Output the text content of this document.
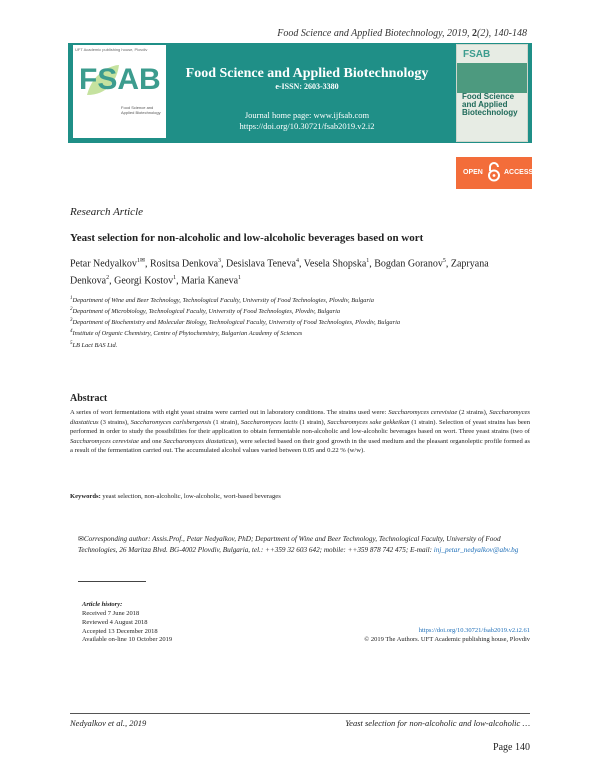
Food Science and Applied Biotechnology, 2019, 2(2), 140-148
UFT Academic publishing house, Plovdiv
FSAB
Food Science and Applied Biotechnology
Food Science and Applied Biotechnology
e-ISSN: 2603-3380
Journal home page: www.ijfsab.com
https://doi.org/10.30721/fsab2019.v2.i2
FSAB
Food Science and Applied Biotechnology
OPEN	ACCESS
Research Article
Yeast selection for non-alcoholic and low-alcoholic beverages based on wort
Petar Nedyalkov$^{1✉}$, Rositsa Denkova$^3$, Desislava Teneva$^4$, Vesela Shopska$^1$, Bogdan Goranov$^5$, Zapryana Denkova$^2$, Georgi Kostov$^1$, Maria Kaneva$^1$
$^1$Department of Wine and Beer Technology, Technological Faculty, University of Food Technologies, Plovdiv, Bulgaria
$^2$Department of Microbiology, Technological Faculty, University of Food Technologies, Plovdiv, Bulgaria
$^3$Department of Biochemistry and Molecular Biology, Technological Faculty, University of Food Technologies, Plovdiv, Bulgaria
$^4$Institute of Organic Chemistry, Centre of Phytochemistry, Bulgarian Academy of Sciences
$^5$LB Lact BAS Ltd.
Abstract
A series of wort fermentations with eight yeast strains were carried out in laboratory conditions. The strains used were: Saccharomyces cerevisiae (2 strains), Saccharomyces diastaticus (3 strains), Saccharomyces carlsbergensis (1 strain), Saccharomyces lactis (1 strain), Saccharomyces sake gekkeikan (1 strain). Selection of yeast strains has been performed in order to study the possibilities for their application to obtain fermentable non-alcoholic and low-alcoholic beverages based on wort. Three yeast strains (two of Saccharomyces cerevisiae and one Saccharomyces diastaticus), were selected based on their good growth in the used medium and the pleasant organoleptic profile formed as a result of the fermentation carried out. The accumulated alcohol values varied between 0.05 and 0.22 % (w/w).
Keywords: yeast selection, non-alcoholic, low-alcoholic, wort-based beverages
✉Corresponding author: Assis.Prof., Petar Nedyalkov, PhD; Department of Wine and Beer Technology, Technological Faculty, University of Food Technologies, 26 Maritza Blvd. BG-4002 Plovdiv, Bulgaria, tel.: ++359 32 603 642; mobile: ++359 878 742 475; E-mail: inj_petar_nedyalkov@abv.bg
Article history:
Received 7 June 2018
Reviewed 4 August 2018
Accepted 13 December 2018
Available on-line 10 October 2019
https://doi.org/10.30721/fsab2019.v2.i2.61
© 2019 The Authors. UFT Academic publishing house, Plovdiv
Nedyalkov et al., 2019	Yeast selection for non-alcoholic and low-alcoholic …
Page 140
